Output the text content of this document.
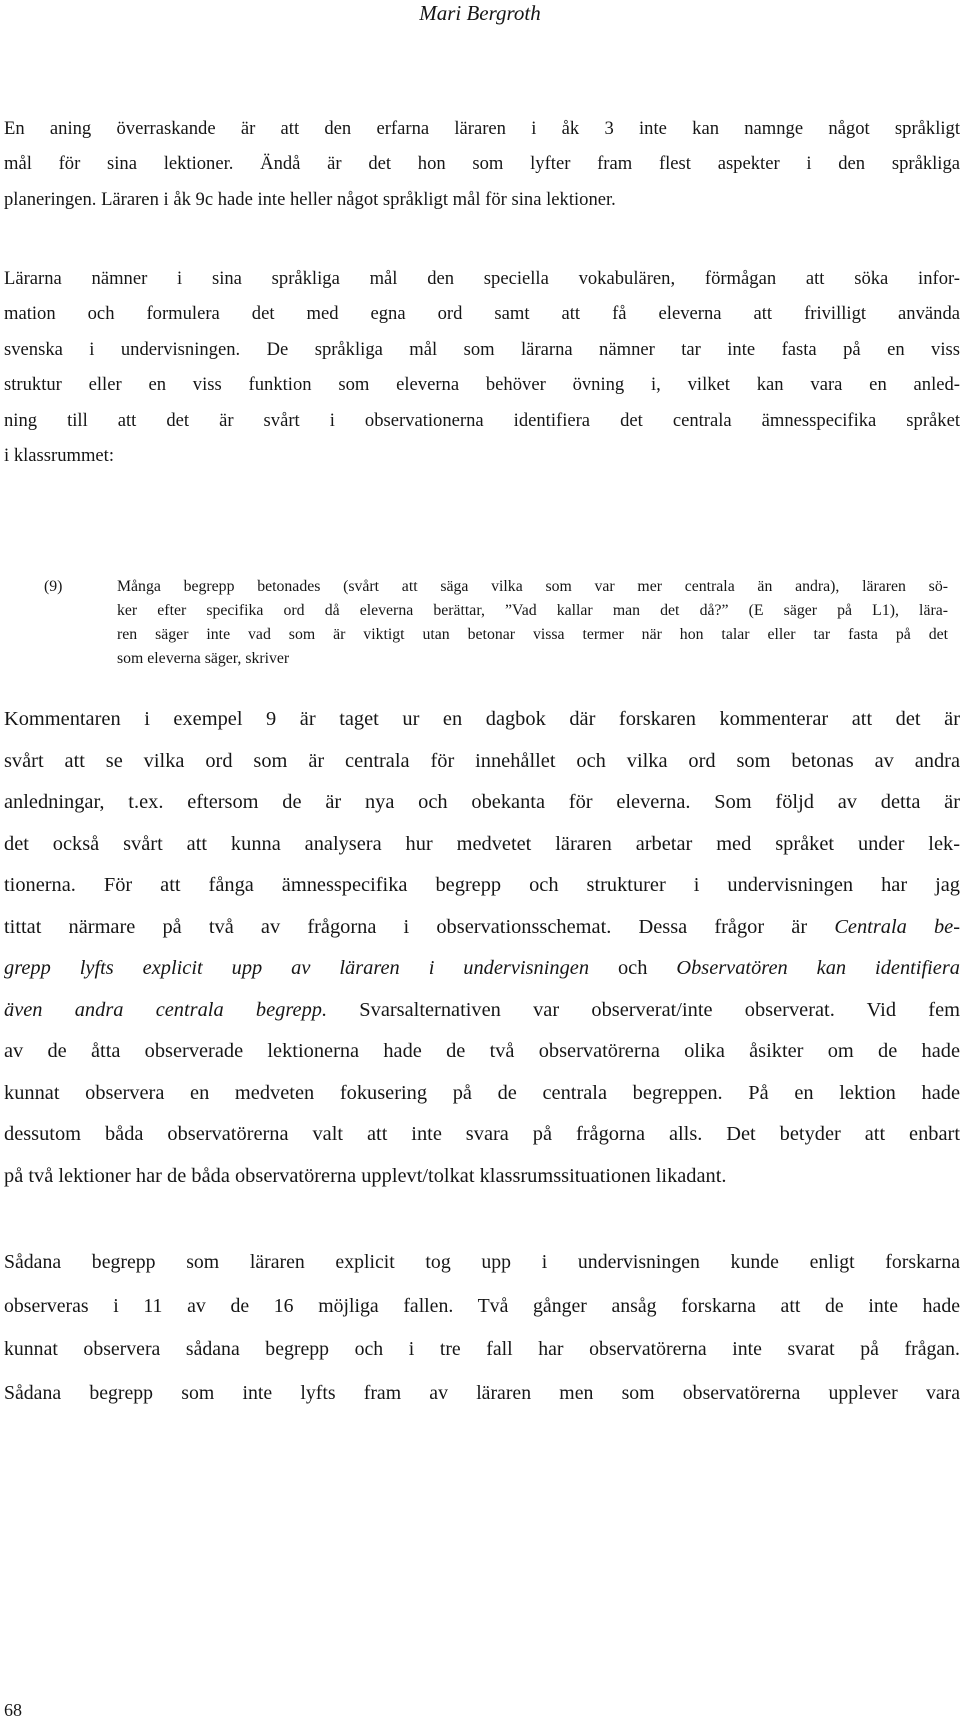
Mari Bergroth
En aning överraskande är att den erfarna läraren i åk 3 inte kan namnge något språkligt
mål för sina lektioner. Ändå är det hon som lyfter fram flest aspekter i den språkliga
planeringen. Läraren i åk 9c hade inte heller något språkligt mål för sina lektioner.
Lärarna nämner i sina språkliga mål den speciella vokabulären, förmågan att söka infor-
mation och formulera det med egna ord samt att få eleverna att frivilligt använda
svenska i undervisningen. De språkliga mål som lärarna nämner tar inte fasta på en viss
struktur eller en viss funktion som eleverna behöver övning i, vilket kan vara en anled-
ning till att det är svårt i observationerna identifiera det centrala ämnesspecifika språket
i klassrummet:
(9)	Många begrepp betonades (svårt att säga vilka som var mer centrala än andra), läraren sö-
ker efter specifika ord då eleverna berättar, ”Vad kallar man det då?” (E säger på L1), lära-
ren säger inte vad som är viktigt utan betonar vissa termer när hon talar eller tar fasta på det
som eleverna säger, skriver
Kommentaren i exempel 9 är taget ur en dagbok där forskaren kommenterar att det är
svårt att se vilka ord som är centrala för innehållet och vilka ord som betonas av andra
anledningar, t.ex. eftersom de är nya och obekanta för eleverna. Som följd av detta är
det också svårt att kunna analysera hur medvetet läraren arbetar med språket under lek-
tionerna. För att fånga ämnesspecifika begrepp och strukturer i undervisningen har jag
tittat närmare på två av frågorna i observationsschemat. Dessa frågor är Centrala be-
grepp lyfts explicit upp av läraren i undervisningen och Observatören kan identifiera
även andra centrala begrepp. Svarsalternativen var observerat/inte observerat. Vid fem
av de åtta observerade lektionerna hade de två observatörerna olika åsikter om de hade
kunnat observera en medveten fokusering på de centrala begreppen. På en lektion hade
dessutom båda observatörerna valt att inte svara på frågorna alls. Det betyder att enbart
på två lektioner har de båda observatörerna upplevt/tolkat klassrumssituationen likadant.
Sådana begrepp som läraren explicit tog upp i undervisningen kunde enligt forskarna
observeras i 11 av de 16 möjliga fallen. Två gånger ansåg forskarna att de inte hade
kunnat observera sådana begrepp och i tre fall har observatörerna inte svarat på frågan.
Sådana begrepp som inte lyfts fram av läraren men som observatörerna upplever vara
68
